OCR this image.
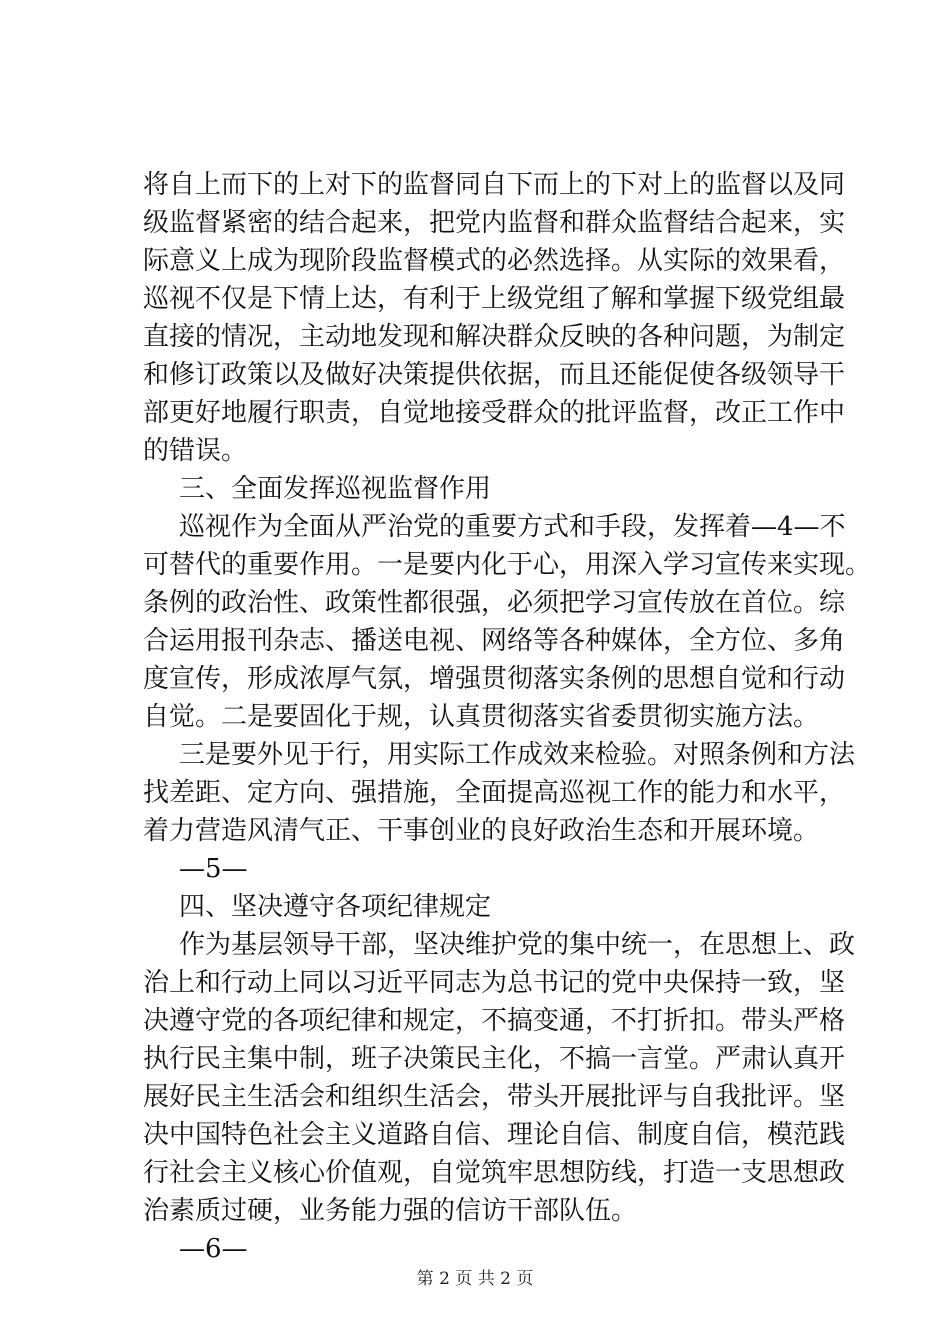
将自上而下的上对下的监督同自下而上的下对上的监督以及同
级监督紧密的结合起来，把党内监督和群众监督结合起来，实
际意义上成为现阶段监督模式的必然选择。从实际的效果看，
巡视不仅是下情上达，有利于上级党组了解和掌握下级党组最
直接的情况，主动地发现和解决群众反映的各种问题，为制定
和修订政策以及做好决策提供依据，而且还能促使各级领导干
部更好地履行职责，自觉地接受群众的批评监督，改正工作中
的错误。
三、全面发挥巡视监督作用
巡视作为全面从严治党的重要方式和手段，发挥着—4—不
可替代的重要作用。一是要内化于心，用深入学习宣传来实现。
条例的政治性、政策性都很强，必须把学习宣传放在首位。综
合运用报刊杂志、播送电视、网络等各种媒体，全方位、多角
度宣传，形成浓厚气氛，增强贯彻落实条例的思想自觉和行动
自觉。二是要固化于规，认真贯彻落实省委贯彻实施方法。
三是要外见于行，用实际工作成效来检验。对照条例和方法
找差距、定方向、强措施，全面提高巡视工作的能力和水平，
着力营造风清气正、干事创业的良好政治生态和开展环境。
—5—
四、坚决遵守各项纪律规定
作为基层领导干部，坚决维护党的集中统一，在思想上、政
治上和行动上同以习近平同志为总书记的党中央保持一致，坚
决遵守党的各项纪律和规定，不搞变通，不打折扣。带头严格
执行民主集中制，班子决策民主化，不搞一言堂。严肃认真开
展好民主生活会和组织生活会，带头开展批评与自我批评。坚
决中国特色社会主义道路自信、理论自信、制度自信，模范践
行社会主义核心价值观，自觉筑牢思想防线，打造一支思想政
治素质过硬，业务能力强的信访干部队伍。
—6—
第 2 页 共 2 页
